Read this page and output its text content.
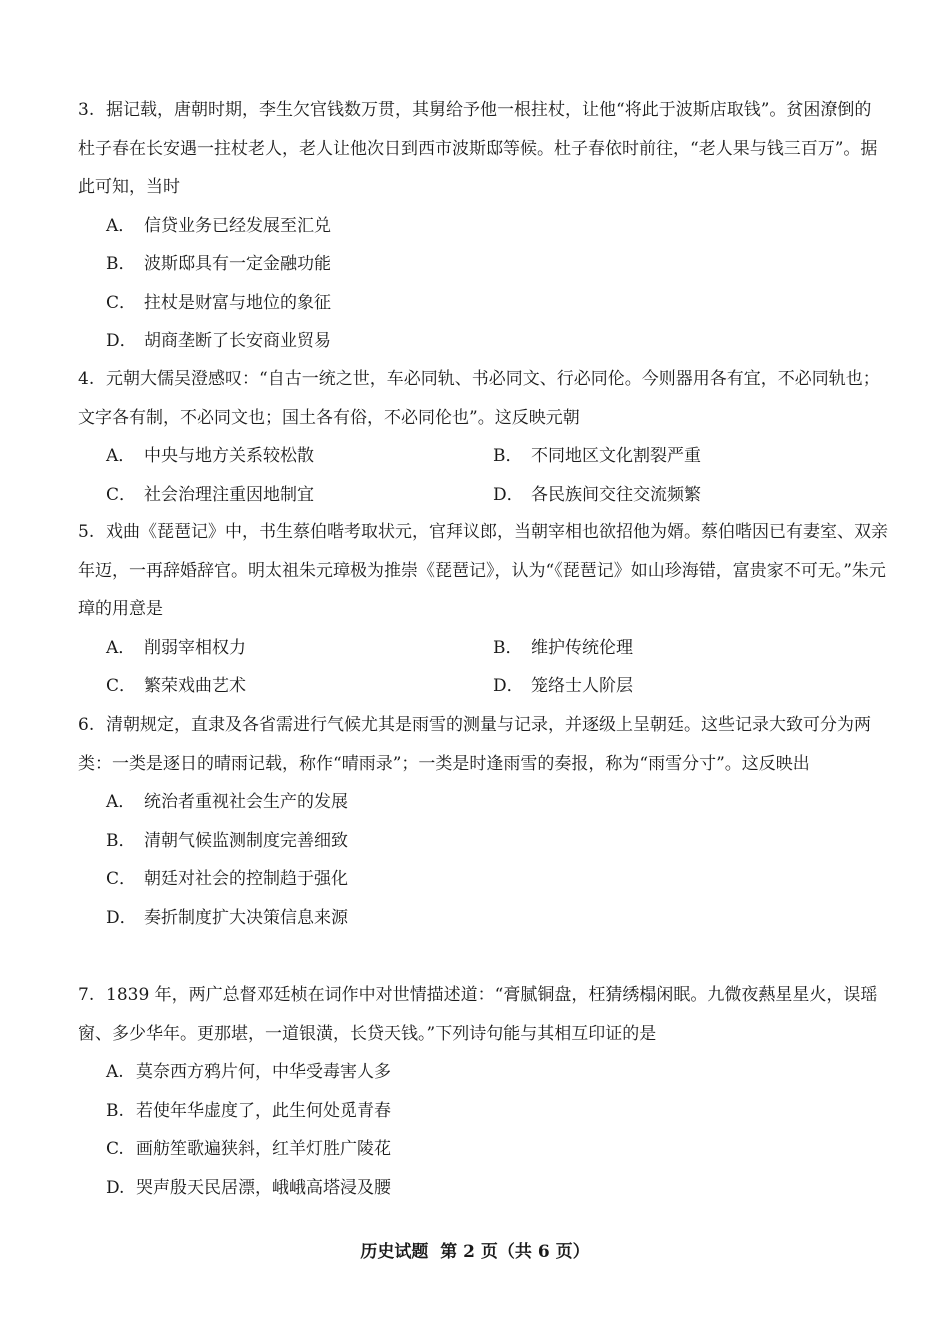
3. 据记载，唐朝时期，李生欠官钱数万贯，其舅给予他一根拄杖，让他“将此于波斯店取钱”。贫困潦倒的杜子春在长安遇一拄杖老人，老人让他次日到西市波斯邸等候。杜子春依时前往，“老人果与钱三百万”。据此可知，当时
A． 信贷业务已经发展至汇兑
B． 波斯邸具有一定金融功能
C． 拄杖是财富与地位的象征
D． 胡商垄断了长安商业贸易
4. 元朝大儒吴澄感叹：“自古一统之世，车必同轨、书必同文、行必同伦。今则器用各有宜，不必同轨也；文字各有制，不必同文也；国土各有俗，不必同伦也”。这反映元朝
A． 中央与地方关系较松散	B． 不同地区文化割裂严重
C． 社会治理注重因地制宜	D． 各民族间交往交流频繁
5. 戏曲《琵琶记》中，书生蔡伯喈考取状元，官拜议郎，当朝宰相也欲招他为婿。蔡伯喈因已有妻室、双亲年迈，一再辞婚辞官。明太祖朱元璋极为推崇《琵琶记》，认为“《琵琶记》如山珍海错，富贵家不可无。”朱元璋的用意是
A． 削弱宰相权力	B． 维护传统伦理
C． 繁荣戏曲艺术	D． 笼络士人阶层
6. 清朝规定，直隶及各省需进行气候尤其是雨雪的测量与记录，并逐级上呈朝廷。这些记录大致可分为两类：一类是逐日的晴雨记载，称作“晴雨录”；一类是时逢雨雪的奏报，称为“雨雪分寸”。这反映出
A． 统治者重视社会生产的发展
B． 清朝气候监测制度完善细致
C． 朝廷对社会的控制趋于强化
D． 奏折制度扩大决策信息来源
7. 1839 年，两广总督邓廷桢在词作中对世情描述道：“膏腻铜盘，枉猜绣榻闲眠。九微夜爇星星火，误瑶窗、多少华年。更那堪，一道银潢，长贷天钱。”下列诗句能与其相互印证的是
A. 莫奈西方鸦片何，中华受毒害人多
B. 若使年华虚度了，此生何处觅青春
C. 画舫笙歌遍狭斜，红羊灯胜广陵花
D. 哭声殷天民居漂，峨峨高塔浸及腰
历史试题 第 2 页（共 6 页）
